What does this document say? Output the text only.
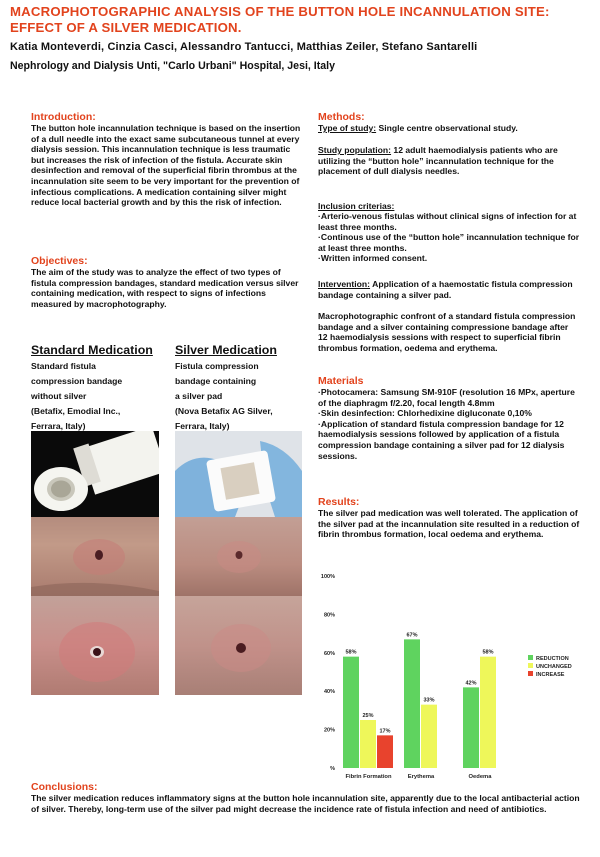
MACROPHOTOGRAPHIC ANALYSIS OF THE BUTTON HOLE INCANNULATION SITE: EFFECT OF A SILVER MEDICATION.
Katia Monteverdi, Cinzia Casci, Alessandro Tantucci, Matthias Zeiler, Stefano Santarelli
Nephrology and Dialysis Unti, "Carlo Urbani" Hospital, Jesi, Italy
Introduction:
The button hole incannulation technique is based on the insertion of a dull needle into the exact same subcutaneous tunnel at every dialysis session. This incannulation technique is less traumatic but increases the risk of infection of the fistula. Accurate skin desinfection and removal of the superficial fibrin thrombus at the incannulation site seem to be very important for the prevention of infectious complications. A medication containing silver might reduce local bacterial growth and by this the risk of infection.
Objectives:
The aim of the study was to analyze the effect of two types of fistula compression bandages, standard medication versus silver containing medication, with respect to signs of infections measured by macrophotography.
Standard Medication
Standard fistula
compression bandage
without silver
(Betafix, Emodial Inc.,
Ferrara, Italy)
Silver Medication
Fistula compression
bandage containing
a silver pad
(Nova Betafix AG Silver,
Ferrara, Italy)
Methods:
Type of study: Single centre observational study.
Study population: 12 adult haemodialysis patients who are utilizing the “button hole” incannulation technique for the placement of dull dialysis needles.
Inclusion criterias:
·Arterio-venous fistulas without clinical signs of infection for at least three months.
·Continous use of the “button hole” incannulation technique for at least three months.
·Written informed consent.
Intervention: Application of a haemostatic fistula compression bandage containing a silver pad.
Macrophotographic confront of a standard fistula compression bandage and a silver containing compressione bandage after 12 haemodialysis sessions with respect to superficial fibrin thrombus formation, oedema and erythema.
Materials
·Photocamera: Samsung SM-910F (resolution 16 MPx, aperture of the diaphragm f/2.20, focal length 4.8mm
·Skin desinfection: Chlorhedixine digluconate 0,10%
·Application of standard fistula compression bandage for 12 haemodialysis sessions followed by application of a fistula compression bandage containing a silver pad for 12 dialysis sessions.
Results:
The silver pad medication was well tolerated. The application of the silver pad at the incannulation site resulted in a reduction of fibrin thrombus formation, local oedema and erythema.
%
20%
40%
60%
80%
100%
58%
25%
17%
Fibrin Formation
67%
33%
Erythema
42%
58%
Oedema
REDUCTION
UNCHANGED
INCREASE
Conclusions:
The silver medication reduces inflammatory signs at the button hole incannulation site, apparently due to the local antibacterial action of silver. Thereby, long-term use of the silver pad might decrease the incidence rate of fistula infection and need of antibiotics.
